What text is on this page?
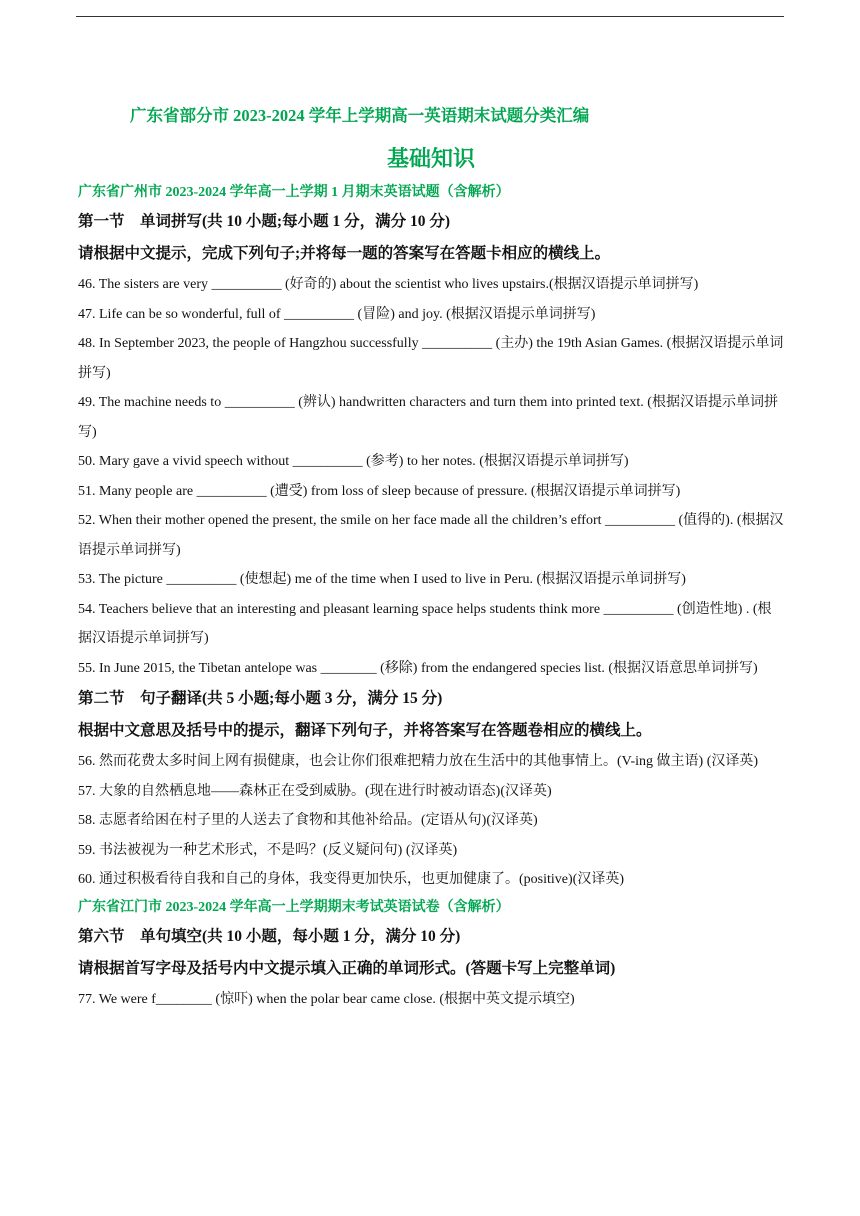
广东省部分市 2023-2024 学年上学期高一英语期末试题分类汇编

基础知识

广东省广州市 2023-2024 学年高一上学期 1 月期末英语试题（含解析）

第一节　单词拼写(共 10 小题;每小题 1 分，满分 10 分)

请根据中文提示，完成下列句子;并将每一题的答案写在答题卡相应的横线上。

46. The sisters are very __________ (好奇的) about the scientist who lives upstairs.(根据汉语提示单词拼写)

47. Life can be so wonderful, full of __________ (冒险) and joy. (根据汉语提示单词拼写)

48. In September 2023, the people of Hangzhou successfully __________ (主办) the 19th Asian Games. (根据汉语提示单词拼写)

49. The machine needs to __________ (辨认) handwritten characters and turn them into printed text. (根据汉语提示单词拼写)

50. Mary gave a vivid speech without __________ (参考) to her notes. (根据汉语提示单词拼写)

51. Many people are __________ (遭受) from loss of sleep because of pressure. (根据汉语提示单词拼写)

52. When their mother opened the present, the smile on her face made all the children’s effort __________ (值得的). (根据汉语提示单词拼写)

53. The picture __________ (使想起) me of the time when I used to live in Peru. (根据汉语提示单词拼写)

54. Teachers believe that an interesting and pleasant learning space helps students think more __________ (创造性地) . (根据汉语提示单词拼写)

55. In June 2015, the Tibetan antelope was ________ (移除) from the endangered species list. (根据汉语意思单词拼写)

第二节　句子翻译(共 5 小题;每小题 3 分，满分 15 分)

根据中文意思及括号中的提示，翻译下列句子，并将答案写在答题卷相应的横线上。

56. 然而花费太多时间上网有损健康，也会让你们很难把精力放在生活中的其他事情上。(V-ing 做主语) (汉译英)

57. 大象的自然栖息地——森林正在受到威胁。(现在进行时被动语态)(汉译英)

58. 志愿者给困在村子里的人送去了食物和其他补给品。(定语从句)(汉译英)

59. 书法被视为一种艺术形式，不是吗？(反义疑问句) (汉译英)

60. 通过积极看待自我和自己的身体，我变得更加快乐，也更加健康了。(positive)(汉译英)

广东省江门市 2023-2024 学年高一上学期期末考试英语试卷（含解析）

第六节　单句填空(共 10 小题，每小题 1 分，满分 10 分)

请根据首写字母及括号内中文提示填入正确的单词形式。(答题卡写上完整单词)

77. We were f________ (惊吓) when the polar bear came close. (根据中英文提示填空)
